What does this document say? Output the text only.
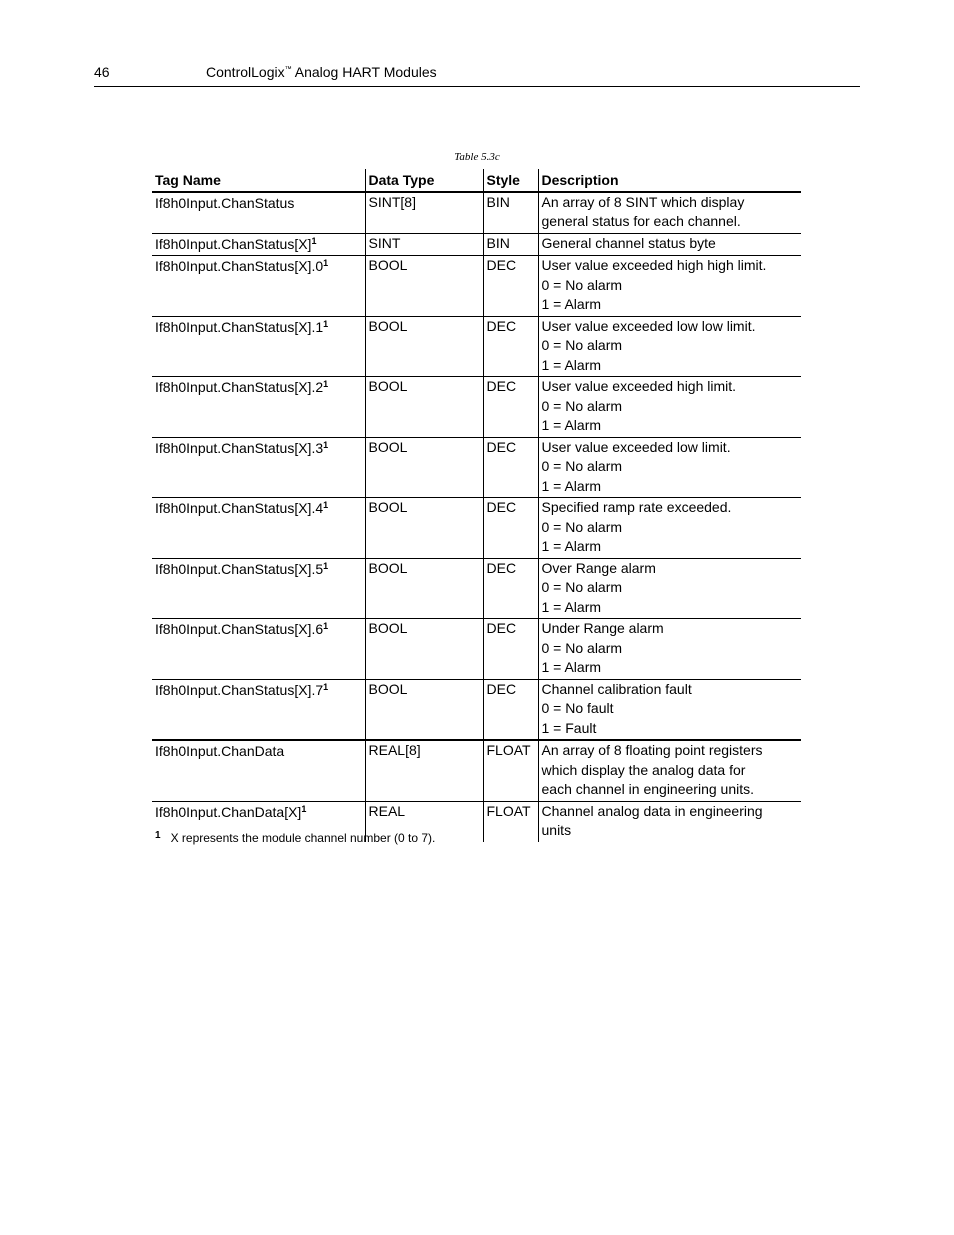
46	ControlLogix™ Analog HART Modules
Table 5.3c
Tag Name	Data Type	Style	Description
If8h0Input.ChanStatus	SINT[8]	BIN	An array of 8 SINT which display
general status for each channel.

$If8h0Input.ChanStatus[X]^1$	SINT	BIN	General channel status byte

$If8h0Input.ChanStatus[X].0^1$	BOOL	DEC	User value exceeded high high limit.
0 = No alarm
1 = Alarm

$If8h0Input.ChanStatus[X].1^1$	BOOL	DEC	User value exceeded low low limit.
0 = No alarm
1 = Alarm

$If8h0Input.ChanStatus[X].2^1$	BOOL	DEC	User value exceeded high limit.
0 = No alarm
1 = Alarm

$If8h0Input.ChanStatus[X].3^1$	BOOL	DEC	User value exceeded low limit.
0 = No alarm
1 = Alarm

$If8h0Input.ChanStatus[X].4^1$	BOOL	DEC	Specified ramp rate exceeded.
0 = No alarm
1 = Alarm

$If8h0Input.ChanStatus[X].5^1$	BOOL	DEC	Over Range alarm
0 = No alarm
1 = Alarm

$If8h0Input.ChanStatus[X].6^1$	BOOL	DEC	Under Range alarm
0 = No alarm
1 = Alarm

$If8h0Input.ChanStatus[X].7^1$	BOOL	DEC	Channel calibration fault
0 = No fault
1 = Fault

If8h0Input.ChanData	REAL[8]	FLOAT	An array of 8 floating point registers
which display the analog data for
each channel in engineering units.

$If8h0Input.ChanData[X]^1$	REAL	FLOAT	Channel analog data in engineering
units
$^1$ X represents the module channel number (0 to 7).
